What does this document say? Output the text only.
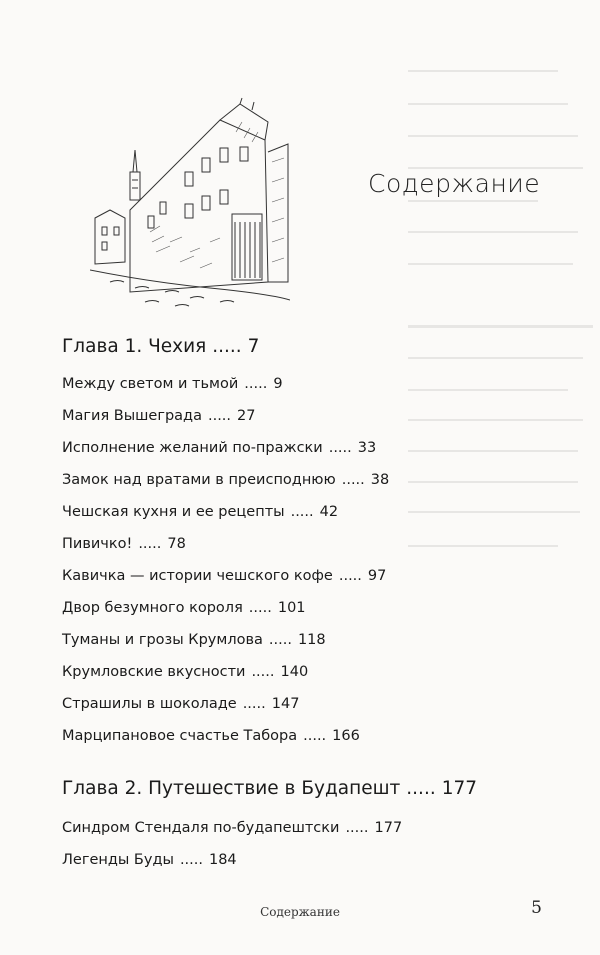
Содержание
Глава 1. Чехия ..... 7
Между светом и тьмой ..... 9
Магия Вышеграда ..... 27
Исполнение желаний по-пражски ..... 33
Замок над вратами в преисподнюю ..... 38
Чешская кухня и ее рецепты ..... 42
Пивичко! ..... 78
Кавичка — истории чешского кофе ..... 97
Двор безумного короля ..... 101
Туманы и грозы Крумлова ..... 118
Крумловские вкусности ..... 140
Страшилы в шоколаде ..... 147
Марципановое счастье Табора ..... 166
Глава 2. Путешествие в Будапешт ..... 177
Синдром Стендаля по-будапештски ..... 177
Легенды Буды ..... 184
Содержание	5
